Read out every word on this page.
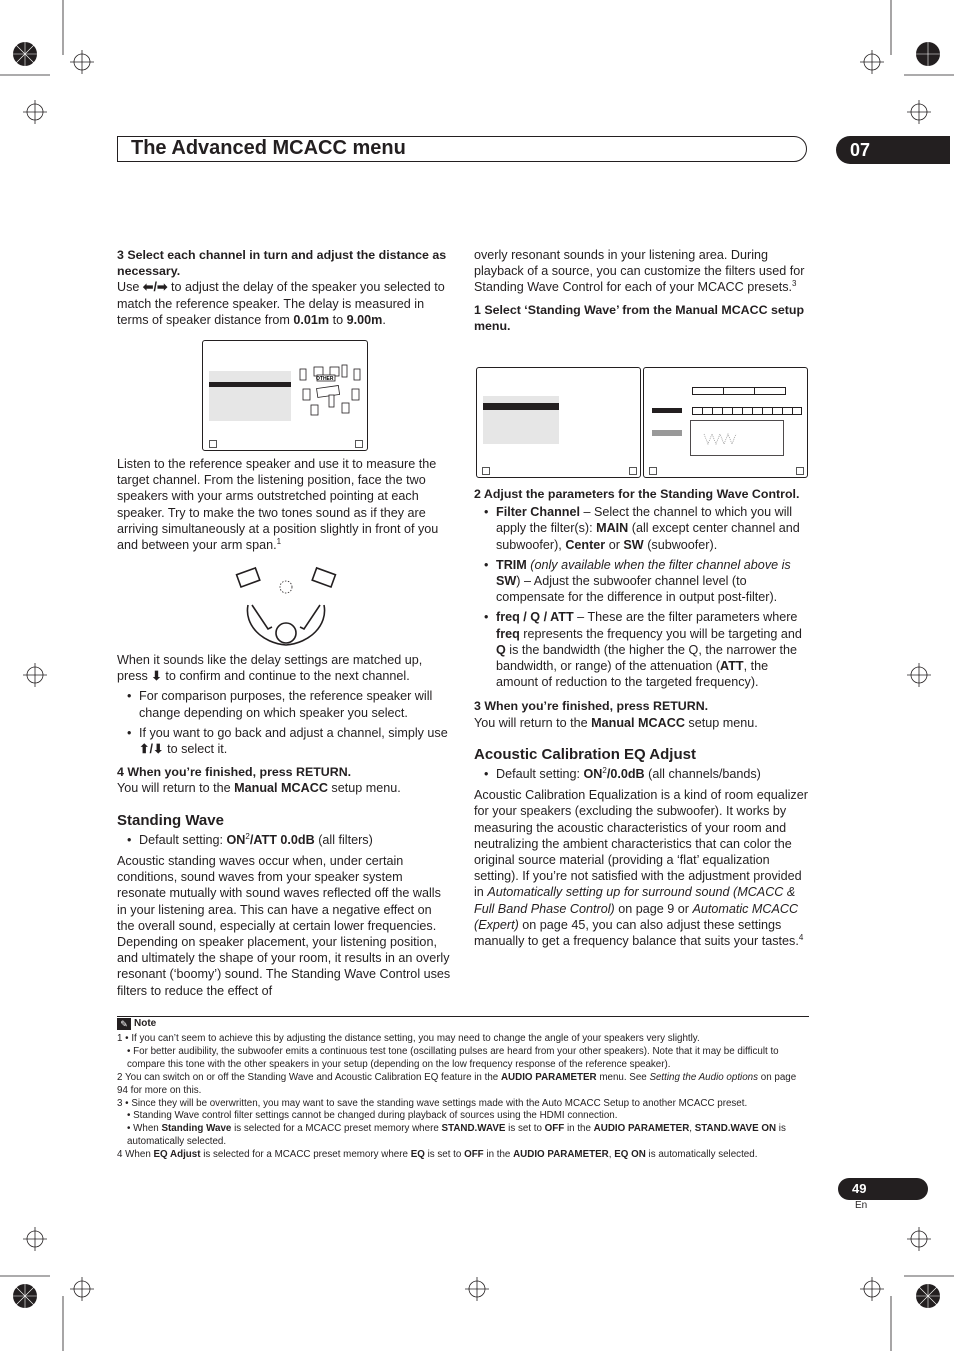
The Advanced MCACC menu	07

3 Select each channel in turn and adjust the distance as necessary.

Use ⬅/➡ to adjust the delay of the speaker you selected to match the reference speaker. The delay is measured in terms of speaker distance from 0.01m to 9.00m.

OTHER

Listen to the reference speaker and use it to measure the target channel. From the listening position, face the two speakers with your arms outstretched pointing at each speaker. Try to make the two tones sound as if they are arriving simultaneously at a position slightly in front of you and between your arm span.$^1$

When it sounds like the delay settings are matched up, press ⬇ to confirm and continue to the next channel.

• For comparison purposes, the reference speaker will change depending on which speaker you select.
• If you want to go back and adjust a channel, simply use ⬆/⬇ to select it.

4 When you’re finished, press RETURN.

You will return to the Manual MCACC setup menu.

Standing Wave

• Default setting: $ON^2$/ATT 0.0dB (all filters)

Acoustic standing waves occur when, under certain conditions, sound waves from your speaker system resonate mutually with sound waves reflected off the walls in your listening area. This can have a negative effect on the overall sound, especially at certain lower frequencies. Depending on speaker placement, your listening position, and ultimately the shape of your room, it results in an overly resonant (‘boomy’) sound. The Standing Wave Control uses filters to reduce the effect of

overly resonant sounds in your listening area. During playback of a source, you can customize the filters used for Standing Wave Control for each of your MCACC presets.$^3$

1 Select ‘Standing Wave’ from the Manual MCACC setup menu.

2 Adjust the parameters for the Standing Wave Control.

• Filter Channel – Select the channel to which you will apply the filter(s): MAIN (all except center channel and subwoofer), Center or SW (subwoofer).
• TRIM (only available when the filter channel above is SW) – Adjust the subwoofer channel level (to compensate for the difference in output post-filter).
• freq / Q / ATT – These are the filter parameters where freq represents the frequency you will be targeting and Q is the bandwidth (the higher the Q, the narrower the bandwidth, or range) of the attenuation (ATT, the amount of reduction to the targeted frequency).

3 When you’re finished, press RETURN.

You will return to the Manual MCACC setup menu.

Acoustic Calibration EQ Adjust

• Default setting: $ON^2/0.0dB$ (all channels/bands)

Acoustic Calibration Equalization is a kind of room equalizer for your speakers (excluding the subwoofer). It works by measuring the acoustic characteristics of your room and neutralizing the ambient characteristics that can color the original source material (providing a ‘flat’ equalization setting). If you’re not satisfied with the adjustment provided in Automatically setting up for surround sound (MCACC & Full Band Phase Control) on page 9 or Automatic MCACC (Expert) on page 45, you can also adjust these settings manually to get a frequency balance that suits your tastes.$^4$

✎ Note
1 • If you can’t seem to achieve this by adjusting the distance setting, you may need to change the angle of your speakers very slightly.
• For better audibility, the subwoofer emits a continuous test tone (oscillating pulses are heard from your other speakers). Note that it may be difficult to compare this tone with the other speakers in your setup (depending on the low frequency response of the reference speaker).
2 You can switch on or off the Standing Wave and Acoustic Calibration EQ feature in the AUDIO PARAMETER menu. See Setting the Audio options on page 94 for more on this.
3 • Since they will be overwritten, you may want to save the standing wave settings made with the Auto MCACC Setup to another MCACC preset.
• Standing Wave control filter settings cannot be changed during playback of sources using the HDMI connection.
• When Standing Wave is selected for a MCACC preset memory where STAND.WAVE is set to OFF in the AUDIO PARAMETER, STAND.WAVE ON is automatically selected.
4 When EQ Adjust is selected for a MCACC preset memory where EQ is set to OFF in the AUDIO PARAMETER, EQ ON is automatically selected.
49
En
